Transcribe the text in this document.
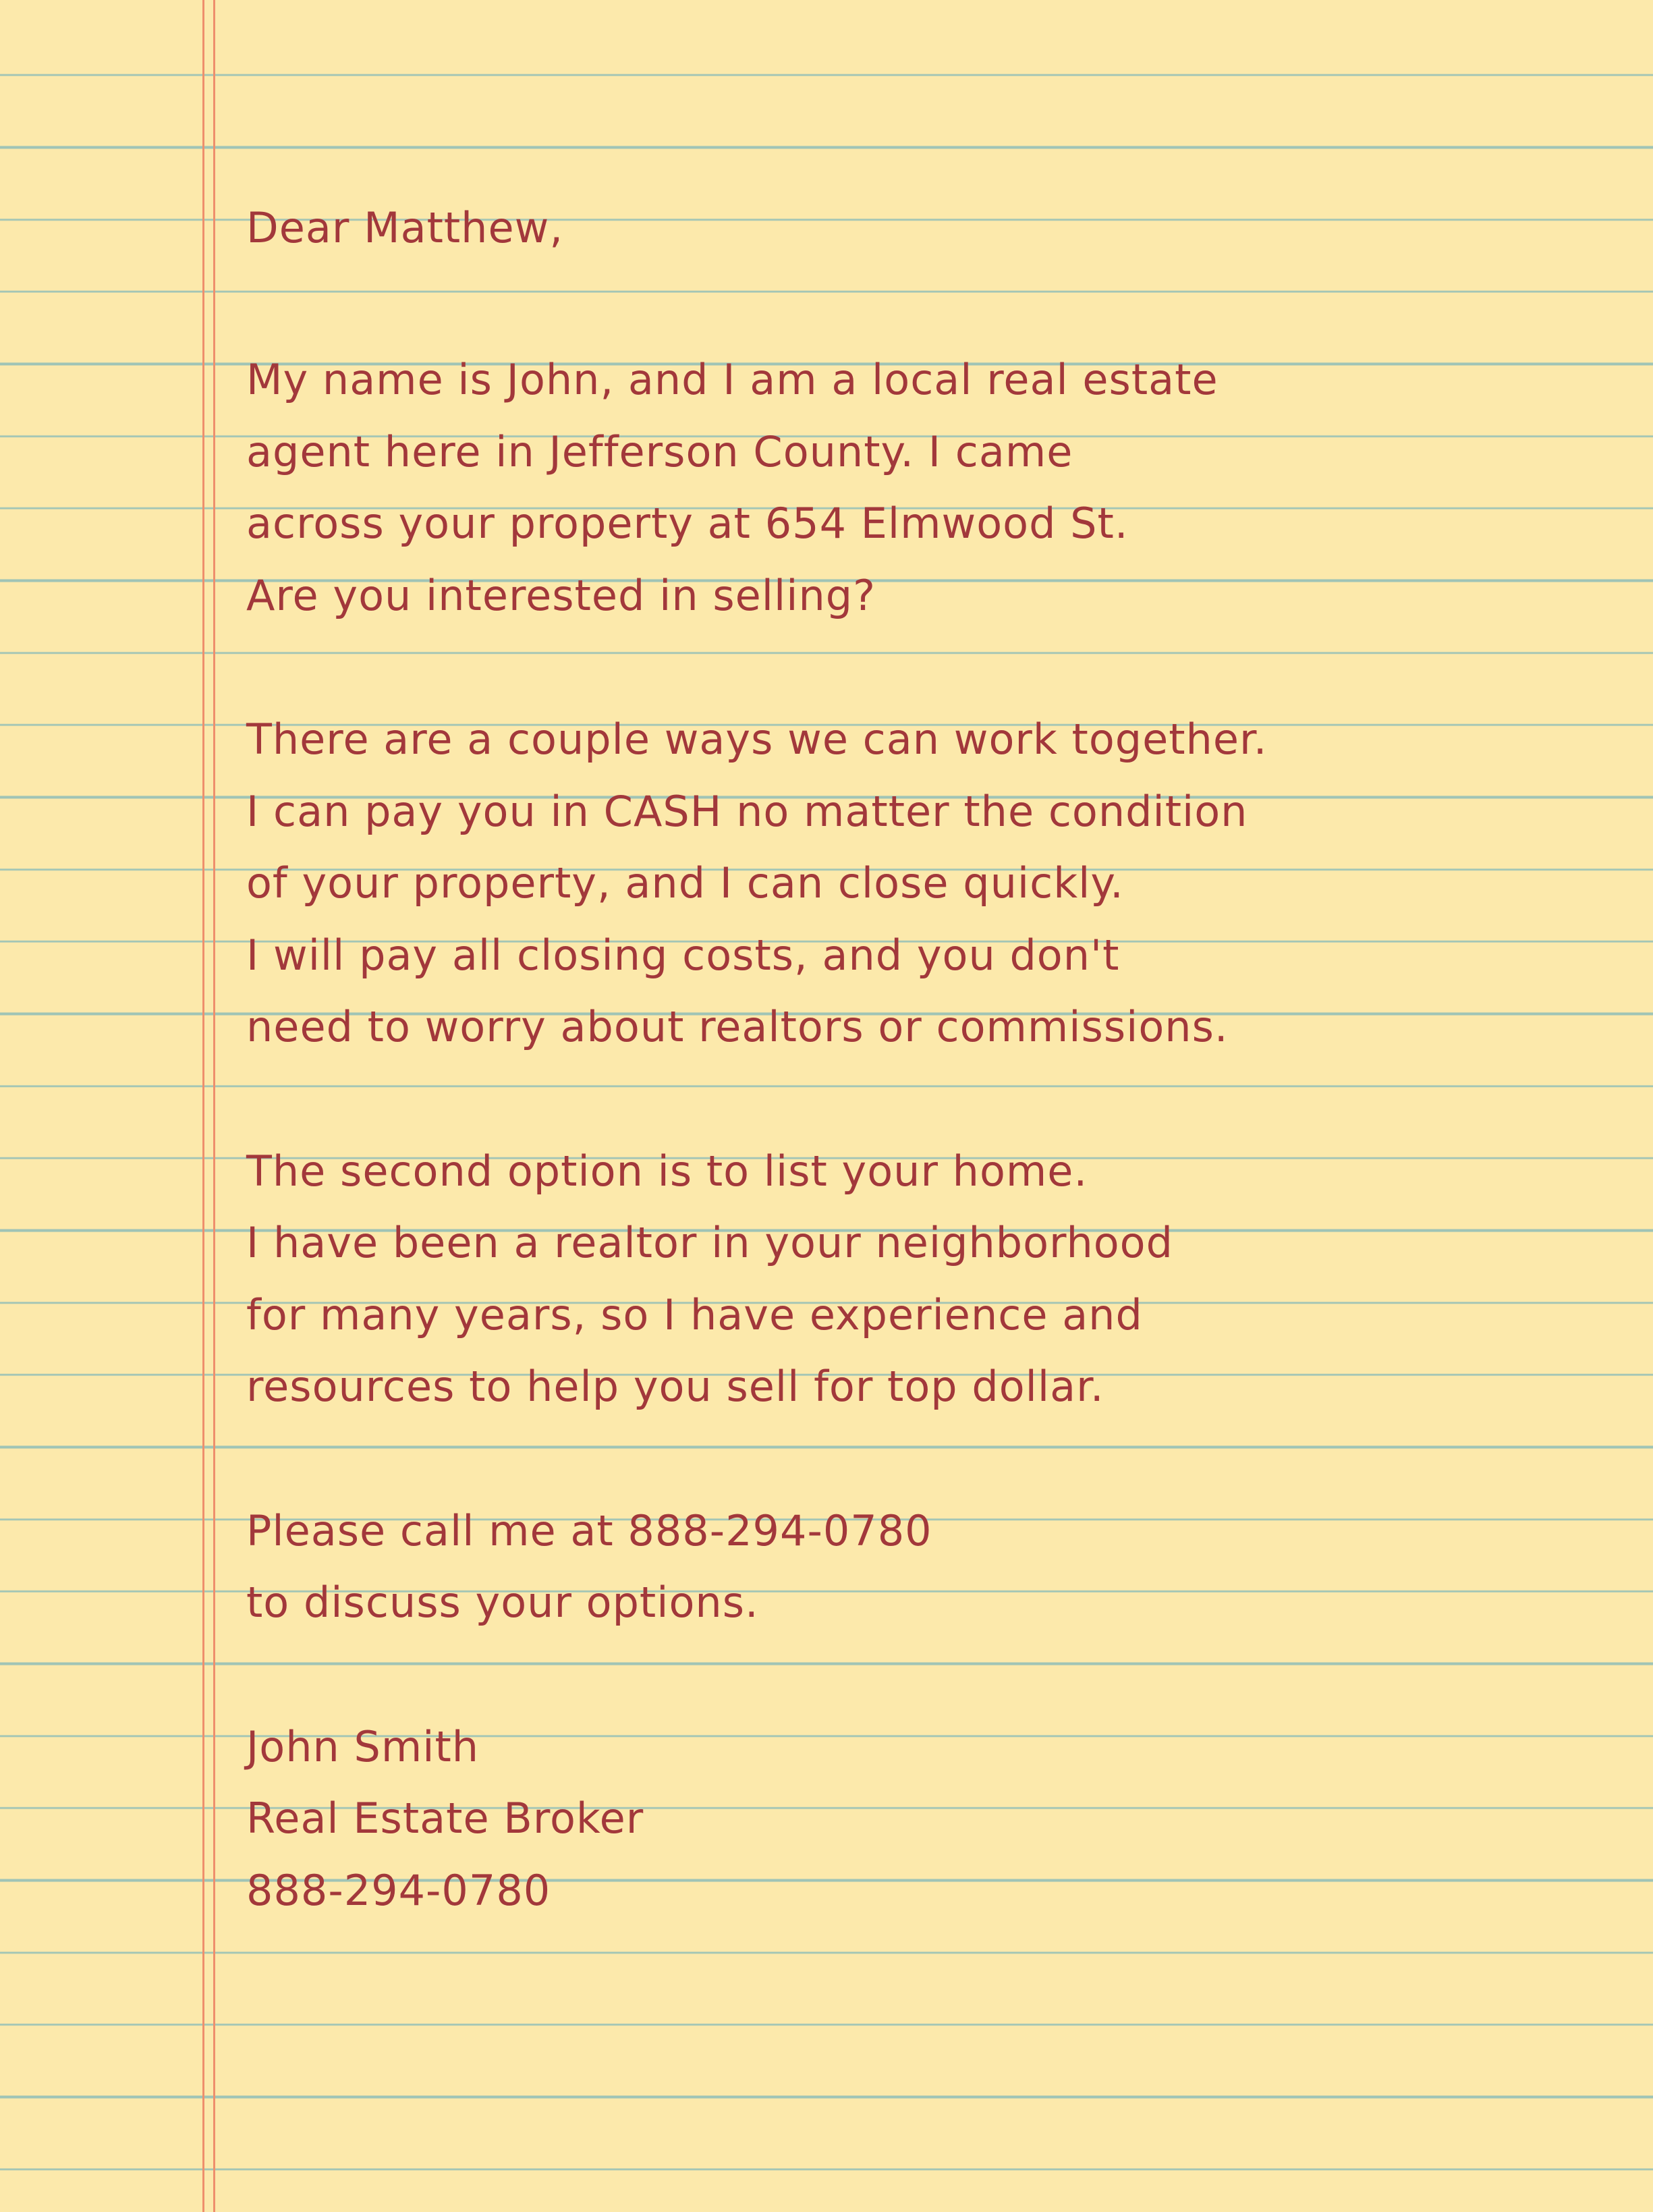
Dear Matthew,
My name is John, and I am a local real estate
agent here in Jefferson County. I came
across your property at 654 Elmwood St.
Are you interested in selling?
There are a couple ways we can work together.
I can pay you in CASH no matter the condition
of your property, and I can close quickly.
I will pay all closing costs, and you don't
need to worry about realtors or commissions.
The second option is to list your home.
I have been a realtor in your neighborhood
for many years, so I have experience and
resources to help you sell for top dollar.
Please call me at 888-294-0780
to discuss your options.
John Smith
Real Estate Broker
888-294-0780
